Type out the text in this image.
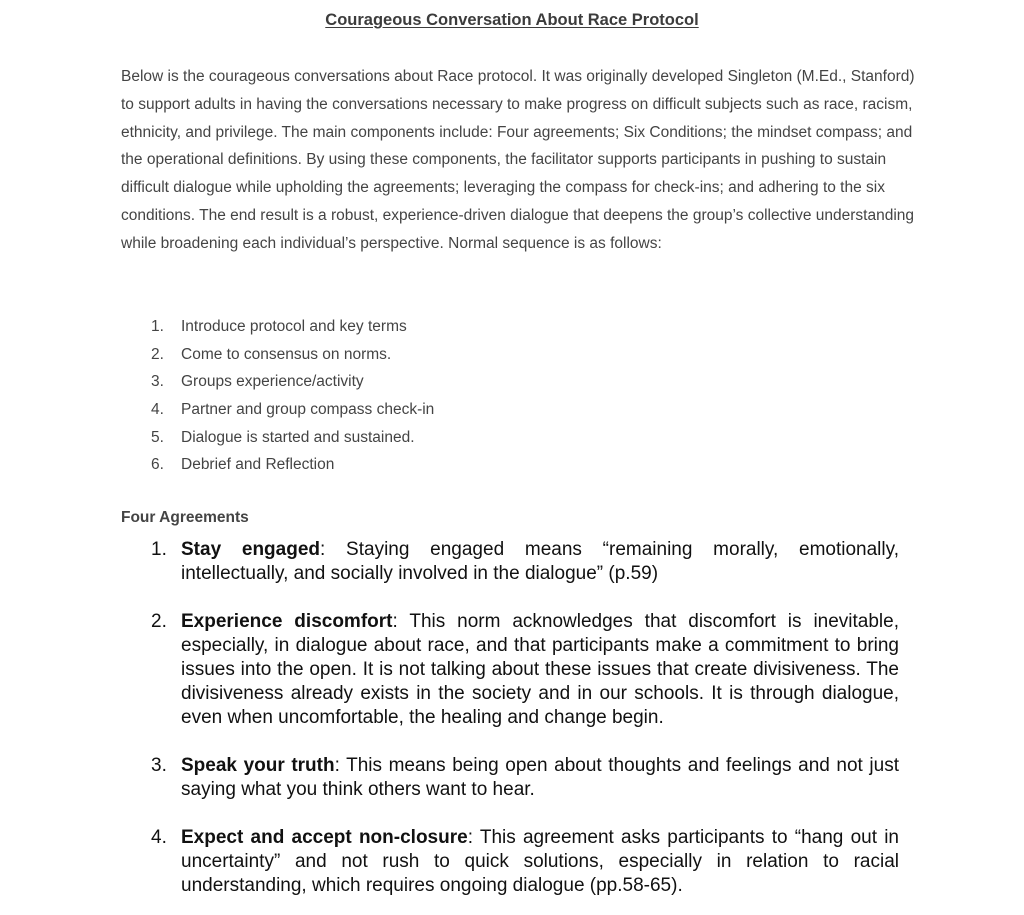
Courageous Conversation About Race Protocol

Below is the courageous conversations about Race protocol. It was originally developed Singleton (M.Ed., Stanford) to support adults in having the conversations necessary to make progress on difficult subjects such as race, racism, ethnicity, and privilege. The main components include: Four agreements; Six Conditions; the mindset compass; and the operational definitions. By using these components, the facilitator supports participants in pushing to sustain difficult dialogue while upholding the agreements; leveraging the compass for check-ins; and adhering to the six conditions. The end result is a robust, experience-driven dialogue that deepens the group’s collective understanding while broadening each individual’s perspective. Normal sequence is as follows:

1.	Introduce protocol and key terms
2.	Come to consensus on norms.
3.	Groups experience/activity
4.	Partner and group compass check-in
5.	Dialogue is started and sustained.
6.	Debrief and Reflection
Four Agreements
1. Stay engaged: Staying engaged means “remaining morally, emotionally, intellectually, and socially involved in the dialogue” (p.59)
2. Experience discomfort: This norm acknowledges that discomfort is inevitable, especially, in dialogue about race, and that participants make a commitment to bring issues into the open. It is not talking about these issues that create divisiveness. The divisiveness already exists in the society and in our schools. It is through dialogue, even when uncomfortable, the healing and change begin.
3. Speak your truth: This means being open about thoughts and feelings and not just saying what you think others want to hear.
4. Expect and accept non-closure: This agreement asks participants to “hang out in uncertainty” and not rush to quick solutions, especially in relation to racial understanding, which requires ongoing dialogue (pp.58-65).
